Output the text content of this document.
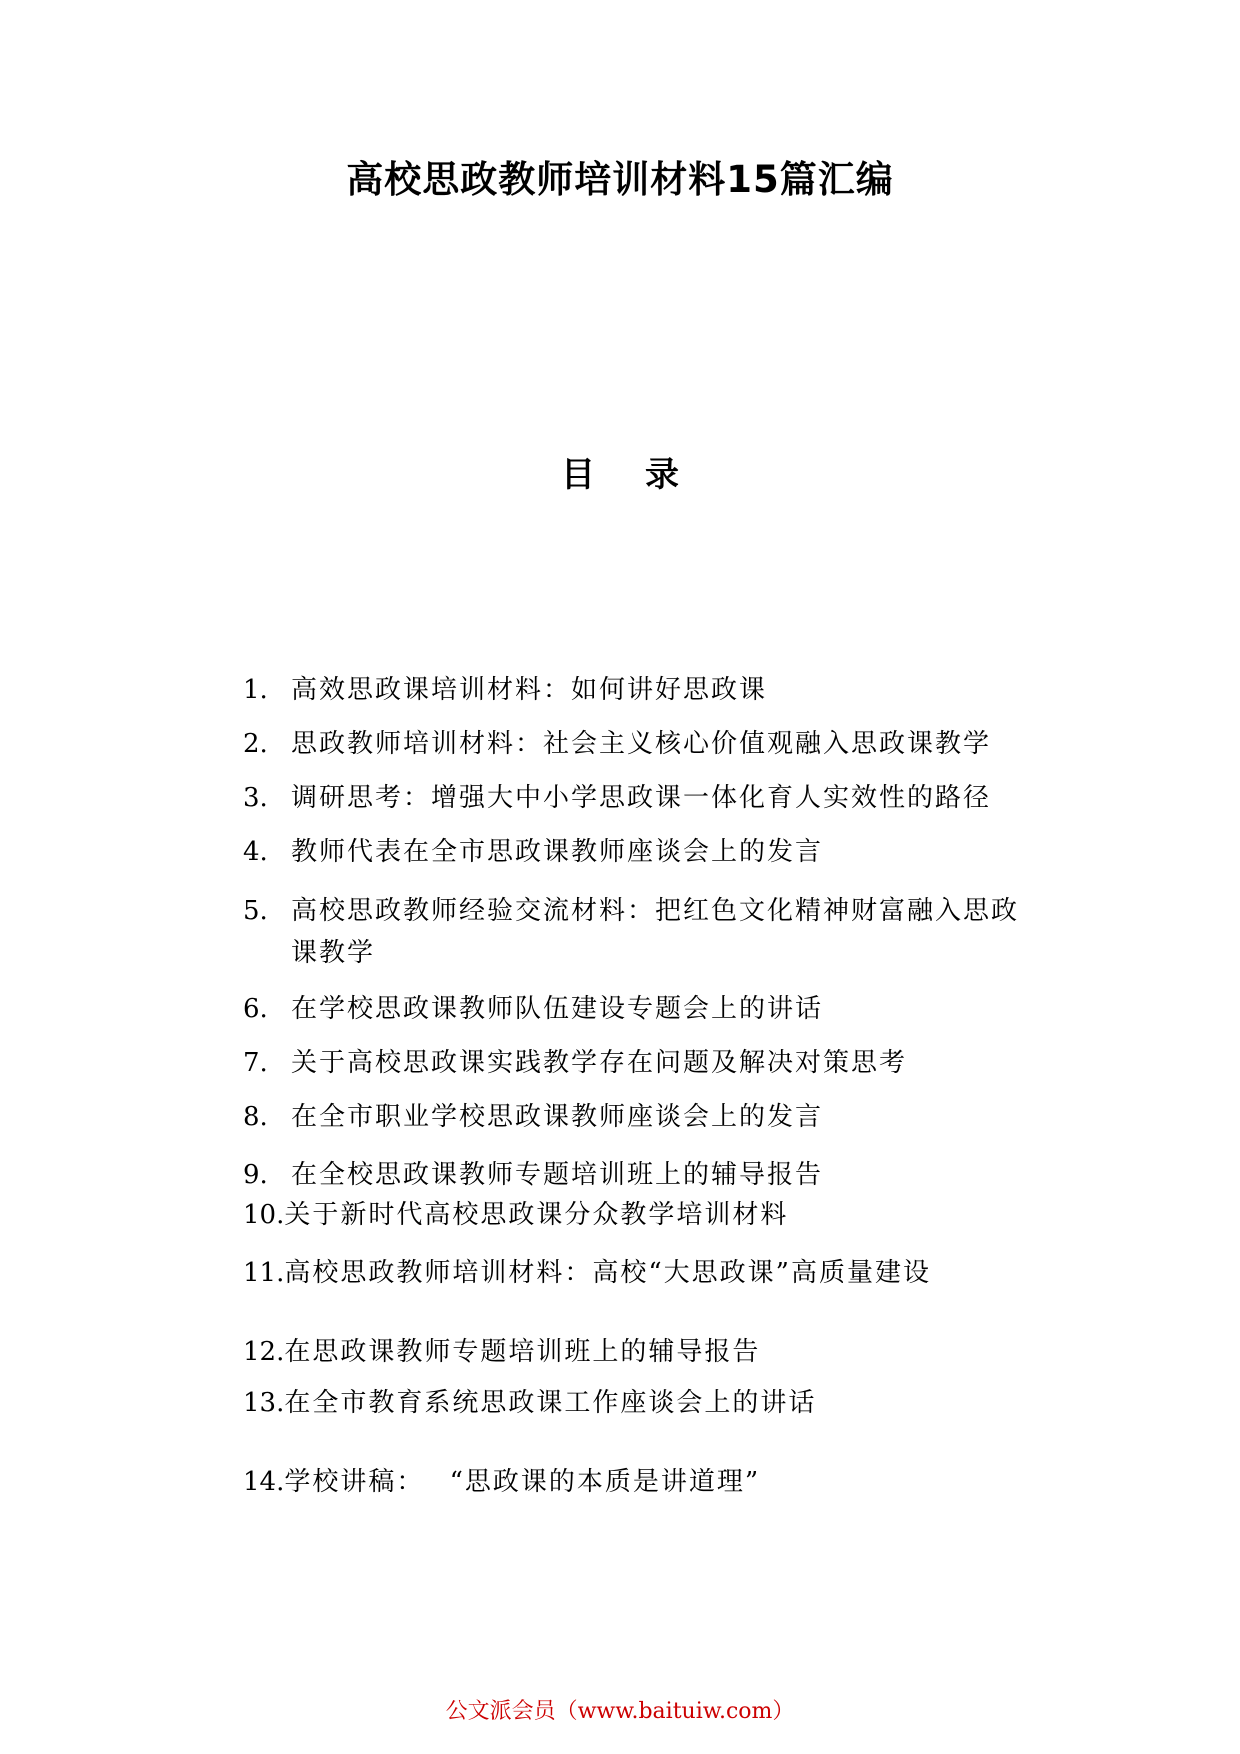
高校思政教师培训材料15篇汇编
目 录
1. 高效思政课培训材料：如何讲好思政课
2. 思政教师培训材料：社会主义核心价值观融入思政课教学
3. 调研思考：增强大中小学思政课一体化育人实效性的路径
4. 教师代表在全市思政课教师座谈会上的发言
5. 高校思政教师经验交流材料：把红色文化精神财富融入思政
课教学
6. 在学校思政课教师队伍建设专题会上的讲话
7. 关于高校思政课实践教学存在问题及解决对策思考
8. 在全市职业学校思政课教师座谈会上的发言
9. 在全校思政课教师专题培训班上的辅导报告
10.关于新时代高校思政课分众教学培训材料
11.高校思政教师培训材料：高校“大思政课”高质量建设
12.在思政课教师专题培训班上的辅导报告
13.在全市教育系统思政课工作座谈会上的讲话
14.学校讲稿：　 “思政课的本质是讲道理”
公文派会员（www.baituiw.com）
